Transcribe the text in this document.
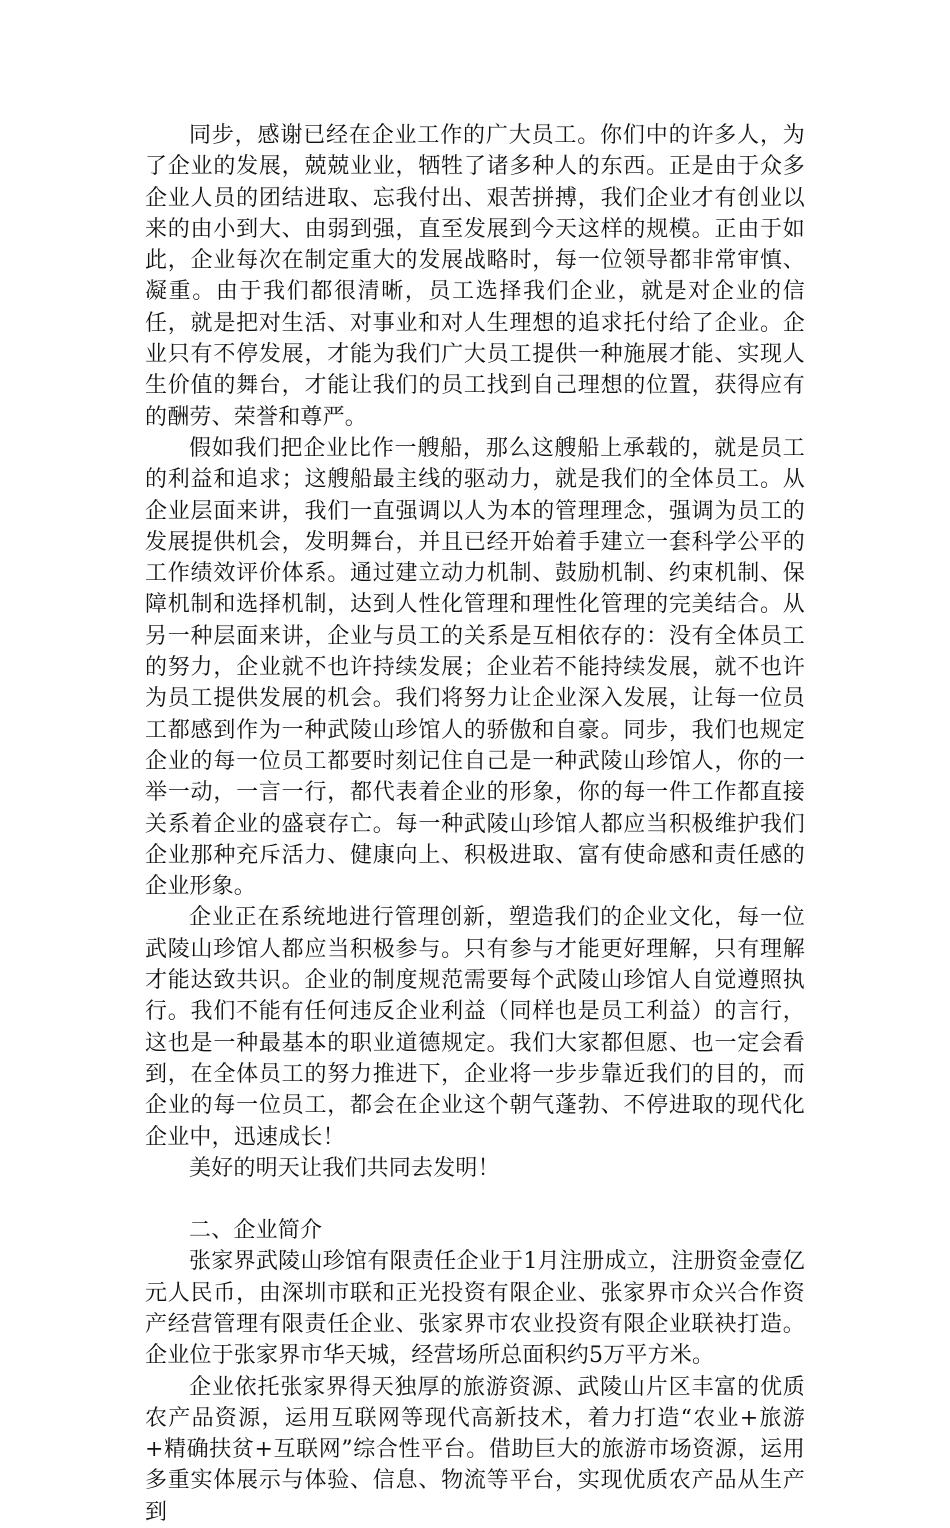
同步，感谢已经在企业工作的广大员工。你们中的许多人，为了企业的发展，兢兢业业，牺牲了诸多种人的东西。正是由于众多企业人员的团结进取、忘我付出、艰苦拼搏，我们企业才有创业以来的由小到大、由弱到强，直至发展到今天这样的规模。正由于如此，企业每次在制定重大的发展战略时，每一位领导都非常审慎、凝重。由于我们都很清晰，员工选择我们企业，就是对企业的信任，就是把对生活、对事业和对人生理想的追求托付给了企业。企业只有不停发展，才能为我们广大员工提供一种施展才能、实现人生价值的舞台，才能让我们的员工找到自己理想的位置，获得应有的酬劳、荣誉和尊严。

假如我们把企业比作一艘船，那么这艘船上承载的，就是员工的利益和追求；这艘船最主线的驱动力，就是我们的全体员工。从企业层面来讲，我们一直强调以人为本的管理理念，强调为员工的发展提供机会，发明舞台，并且已经开始着手建立一套科学公平的工作绩效评价体系。通过建立动力机制、鼓励机制、约束机制、保障机制和选择机制，达到人性化管理和理性化管理的完美结合。从另一种层面来讲，企业与员工的关系是互相依存的：没有全体员工的努力，企业就不也许持续发展；企业若不能持续发展，就不也许为员工提供发展的机会。我们将努力让企业深入发展，让每一位员工都感到作为一种武陵山珍馆人的骄傲和自豪。同步，我们也规定企业的每一位员工都要时刻记住自己是一种武陵山珍馆人，你的一举一动，一言一行，都代表着企业的形象，你的每一件工作都直接关系着企业的盛衰存亡。每一种武陵山珍馆人都应当积极维护我们企业那种充斥活力、健康向上、积极进取、富有使命感和责任感的企业形象。

企业正在系统地进行管理创新，塑造我们的企业文化，每一位武陵山珍馆人都应当积极参与。只有参与才能更好理解，只有理解才能达致共识。企业的制度规范需要每个武陵山珍馆人自觉遵照执行。我们不能有任何违反企业利益（同样也是员工利益）的言行，这也是一种最基本的职业道德规定。我们大家都但愿、也一定会看到，在全体员工的努力推进下，企业将一步步靠近我们的目的，而企业的每一位员工，都会在企业这个朝气蓬勃、不停进取的现代化企业中，迅速成长！

美好的明天让我们共同去发明！

二、企业简介

张家界武陵山珍馆有限责任企业于1月注册成立，注册资金壹亿元人民币，由深圳市联和正光投资有限企业、张家界市众兴合作资产经营管理有限责任企业、张家界市农业投资有限企业联袂打造。企业位于张家界市华天城，经营场所总面积约5万平方米。

企业依托张家界得天独厚的旅游资源、武陵山片区丰富的优质农产品资源，运用互联网等现代高新技术，着力打造“农业+旅游+精确扶贫+互联网”综合性平台。借助巨大的旅游市场资源，运用多重实体展示与体验、信息、物流等平台，实现优质农产品从生产到
